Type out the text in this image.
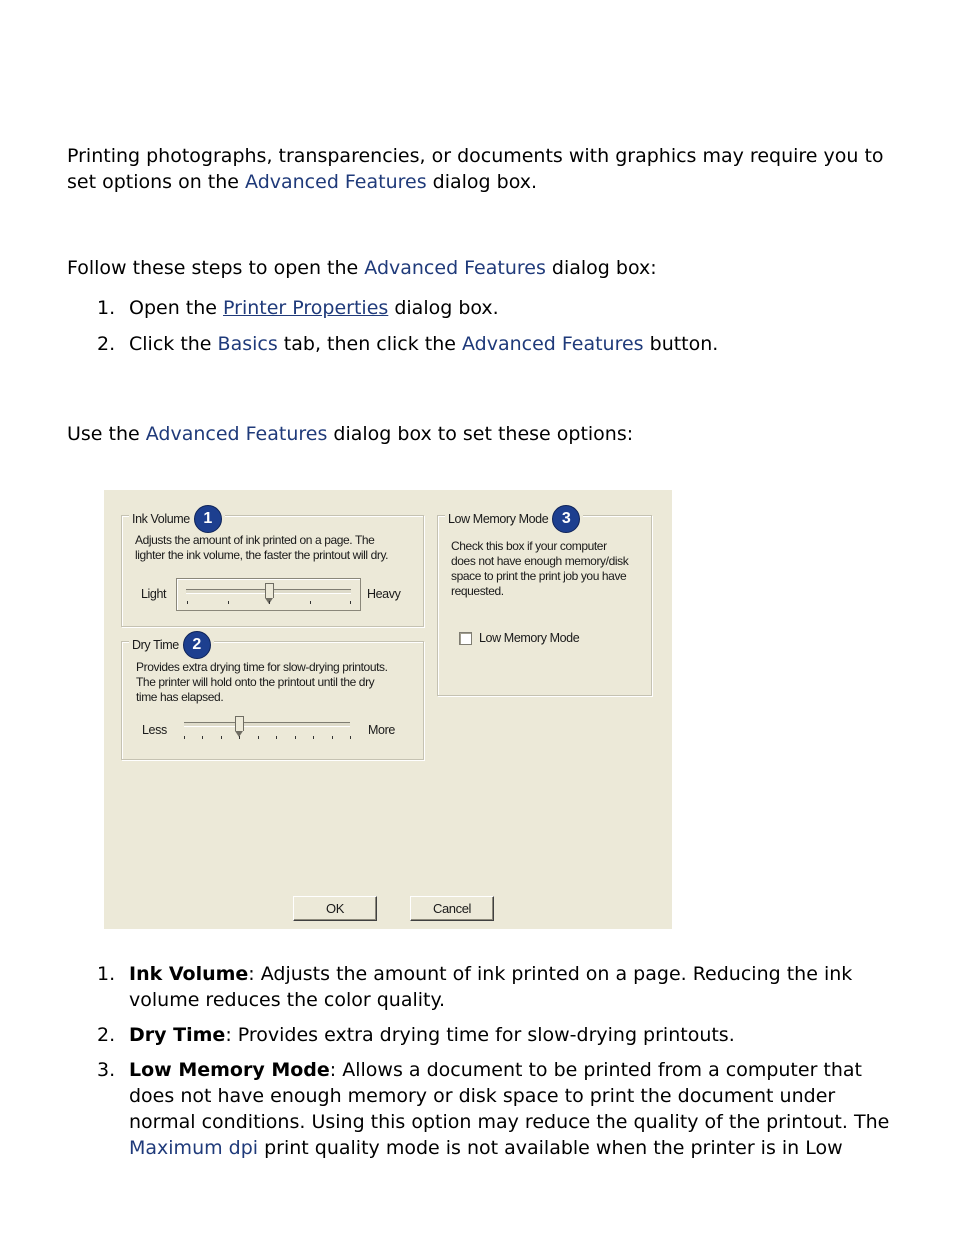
Printing photographs, transparencies, or documents with graphics may require you to set options on the Advanced Features dialog box.

Follow these steps to open the Advanced Features dialog box:

1. Open the Printer Properties dialog box.
2. Click the Basics tab, then click the Advanced Features button.

Use the Advanced Features dialog box to set these options:

1. Ink Volume: Adjusts the amount of ink printed on a page. Reducing the ink volume reduces the color quality.
2. Dry Time: Provides extra drying time for slow-drying printouts.
3. Low Memory Mode: Allows a document to be printed from a computer that does not have enough memory or disk space to print the document under normal conditions. Using this option may reduce the quality of the printout. The Maximum dpi print quality mode is not available when the printer is in Low
Ink Volume 1
Adjusts the amount of ink printed on a page. The
lighter the ink volume, the faster the printout will dry.
Light	Heavy
Dry Time 2
Provides extra drying time for slow-drying printouts.
The printer will hold onto the printout until the dry
time has elapsed.
Less	More
Low Memory Mode 3
Check this box if your computer
does not have enough memory/disk
space to print the print job you have
requested.
Low Memory Mode
OK	Cancel
